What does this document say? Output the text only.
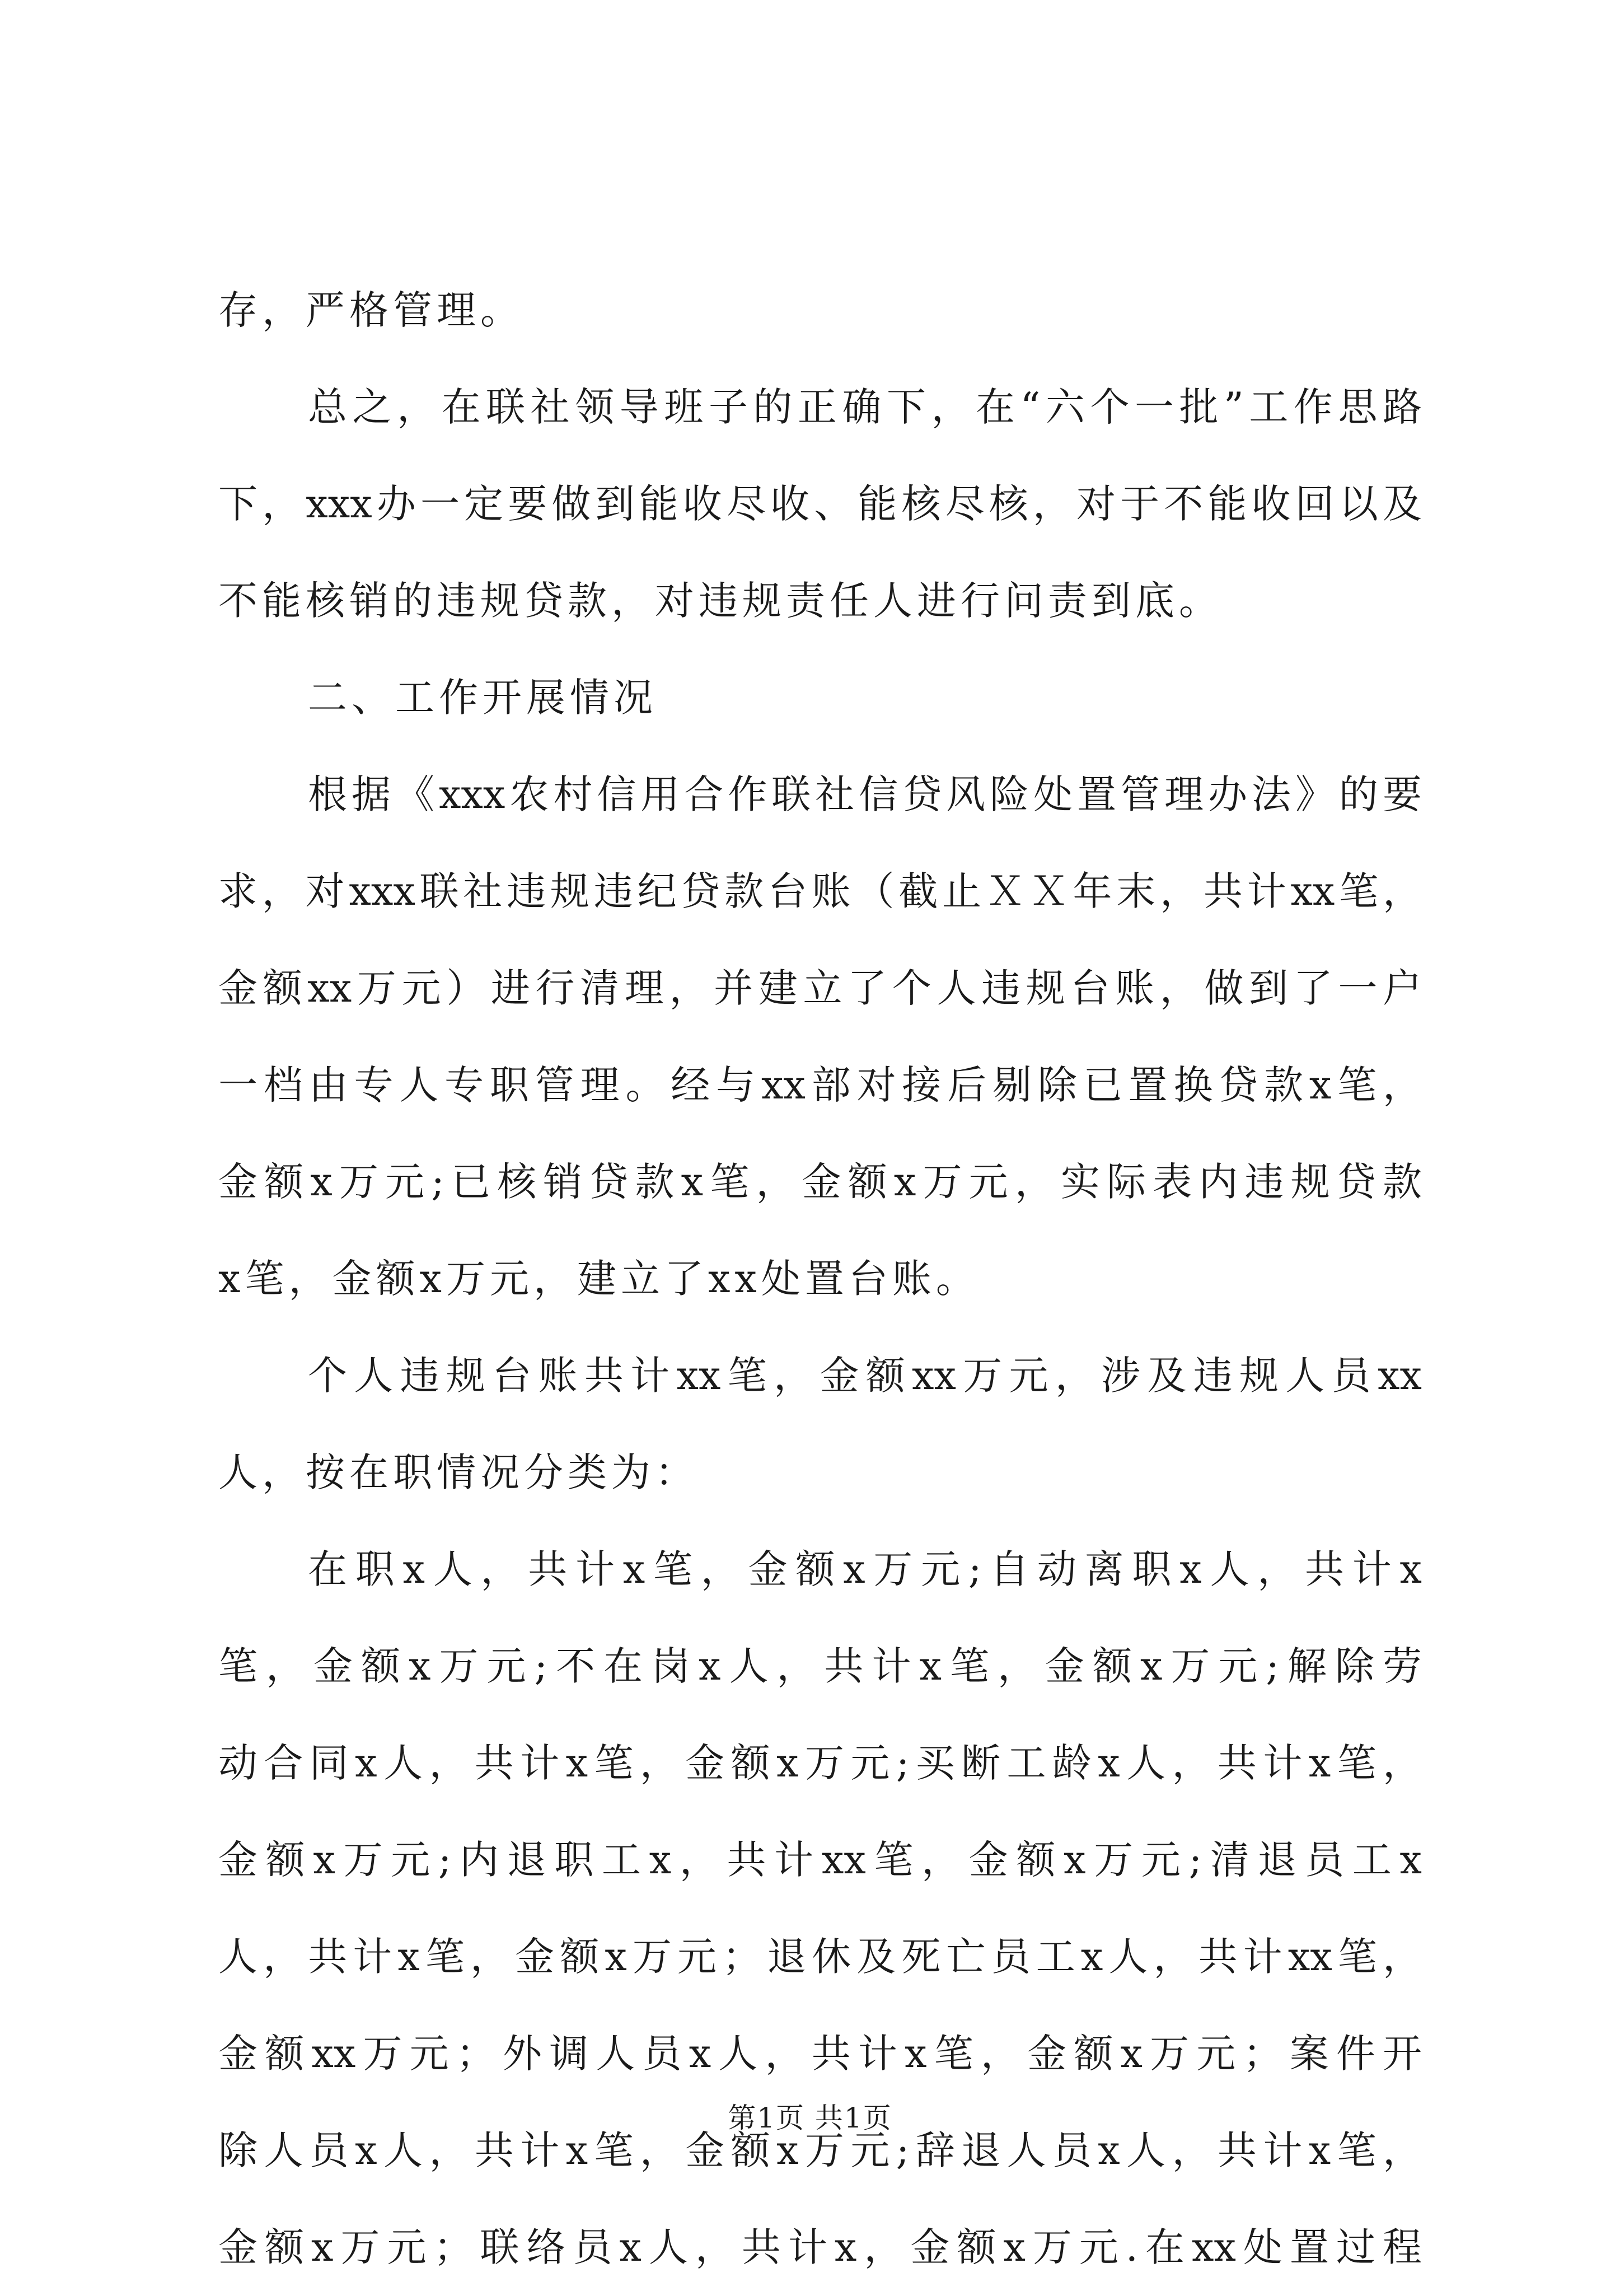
存，严格管理。
总之，在联社领导班子的正确下，在“六个一批”工作思路
下，xxx办一定要做到能收尽收、能核尽核，对于不能收回以及
不能核销的违规贷款，对违规责任人进行问责到底。
二、工作开展情况
根据《xxx农村信用合作联社信贷风险处置管理办法》的要
求，对xxx联社违规违纪贷款台账（截止ＸＸ年末，共计xx笔，
金额xx万元）进行清理，并建立了个人违规台账，做到了一户
一档由专人专职管理。经与xx部对接后剔除已置换贷款x笔，
金额x万元;已核销贷款x笔，金额x万元，实际表内违规贷款
x笔，金额x万元，建立了xx处置台账。
个人违规台账共计xx笔，金额xx万元，涉及违规人员xx
人，按在职情况分类为：
在职x人，共计x笔，金额x万元;自动离职x人，共计x
笔，金额x万元;不在岗x人，共计x笔，金额x万元;解除劳
动合同x人，共计x笔，金额x万元;买断工龄x人，共计x笔，
金额x万元;内退职工x，共计xx笔，金额x万元;清退员工x
人，共计x笔，金额x万元；退休及死亡员工x人，共计xx笔，
金额xx万元；外调人员x人，共计x笔，金额x万元；案件开
除人员x人，共计x笔，金额x万元;辞退人员x人，共计x笔，
金额x万元；联络员x人，共计x，金额x万元.在xx处置过程
第1页 共1页
